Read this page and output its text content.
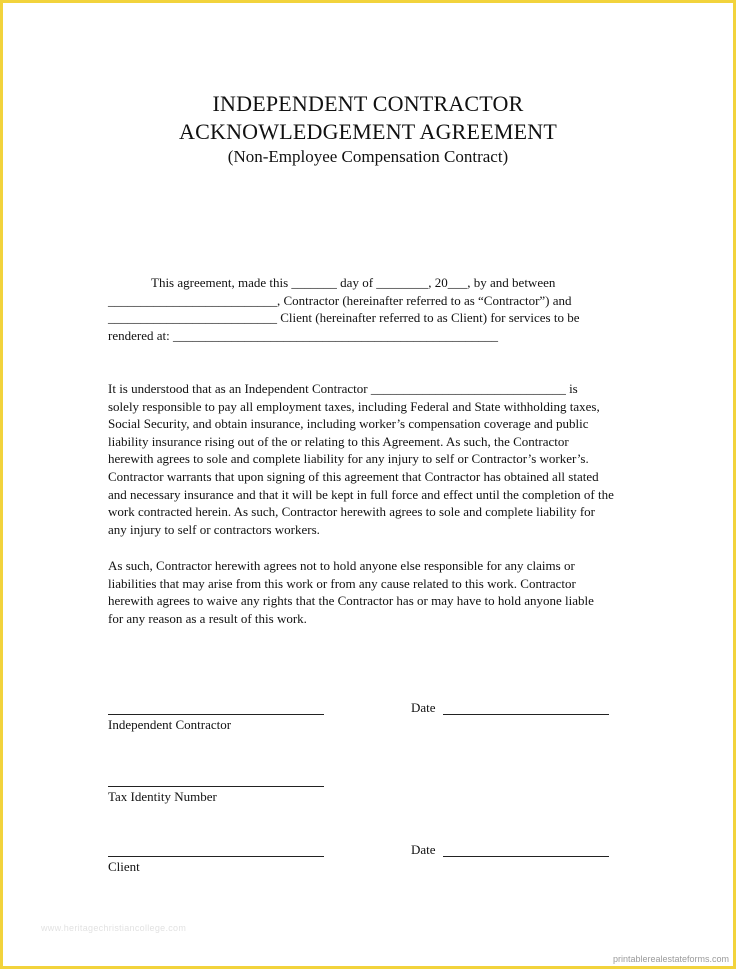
INDEPENDENT CONTRACTOR
ACKNOWLEDGEMENT AGREEMENT
(Non-Employee Compensation Contract)
This agreement, made this _______ day of ________, 20___, by and between
__________________________, Contractor (hereinafter referred to as “Contractor”) and
__________________________ Client (hereinafter referred to as Client) for services to be
rendered at: __________________________________________________
It is understood that as an Independent Contractor ______________________________ is
solely responsible to pay all employment taxes, including Federal and State withholding taxes,
Social Security, and obtain insurance, including worker’s compensation coverage and public
liability insurance rising out of the or relating to this Agreement. As such, the Contractor
herewith agrees to sole and complete liability for any injury to self or Contractor’s worker’s.
Contractor warrants that upon signing of this agreement that Contractor has obtained all stated
and necessary insurance and that it will be kept in full force and effect until the completion of the
work contracted herein. As such, Contractor herewith agrees to sole and complete liability for
any injury to self or contractors workers.
As such, Contractor herewith agrees not to hold anyone else responsible for any claims or
liabilities that may arise from this work or from any cause related to this work. Contractor
herewith agrees to waive any rights that the Contractor has or may have to hold anyone liable
for any reason as a result of this work.
Independent Contractor
Date
Tax Identity Number
Client
Date
www.heritagechristiancollege.com
printablerealestateforms.com
